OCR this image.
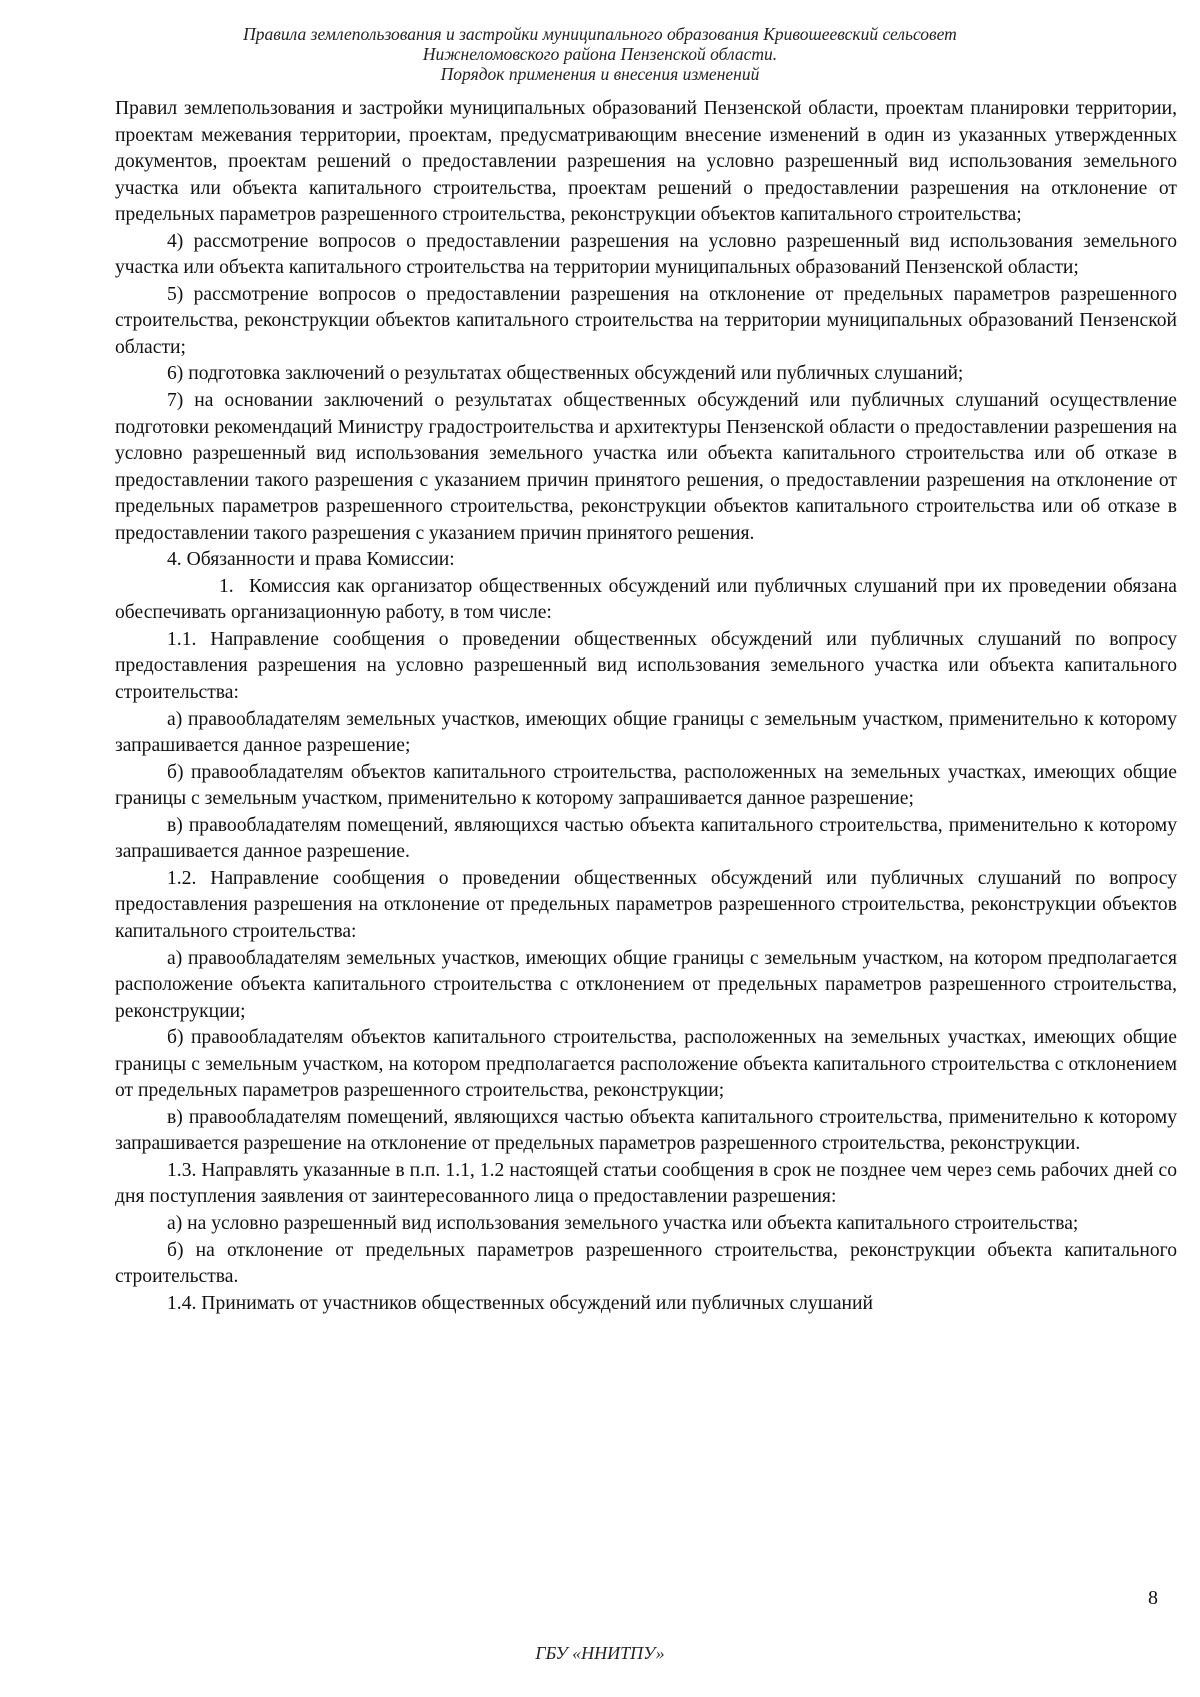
Правила землепользования и застройки муниципального образования Кривошеевский сельсовет
Нижнеломовского района Пензенской области.
Порядок применения и внесения изменений

Правил землепользования и застройки муниципальных образований Пензенской области, проектам планировки территории, проектам межевания территории, проектам, предусматривающим внесение изменений в один из указанных утвержденных документов, проектам решений о предоставлении разрешения на условно разрешенный вид использования земельного участка или объекта капитального строительства, проектам решений о предоставлении разрешения на отклонение от предельных параметров разрешенного строительства, реконструкции объектов капитального строительства;

4) рассмотрение вопросов о предоставлении разрешения на условно разрешенный вид использования земельного участка или объекта капитального строительства на территории муниципальных образований Пензенской области;

5) рассмотрение вопросов о предоставлении разрешения на отклонение от предельных параметров разрешенного строительства, реконструкции объектов капитального строительства на территории муниципальных образований Пензенской области;

6) подготовка заключений о результатах общественных обсуждений или публичных слушаний;

7) на основании заключений о результатах общественных обсуждений или публичных слушаний осуществление подготовки рекомендаций Министру градостроительства и архитектуры Пензенской области о предоставлении разрешения на условно разрешенный вид использования земельного участка или объекта капитального строительства или об отказе в предоставлении такого разрешения с указанием причин принятого решения, о предоставлении разрешения на отклонение от предельных параметров разрешенного строительства, реконструкции объектов капитального строительства или об отказе в предоставлении такого разрешения с указанием причин принятого решения.

4. Обязанности и права Комиссии:

1. Комиссия как организатор общественных обсуждений или публичных слушаний при их проведении обязана обеспечивать организационную работу, в том числе:

1.1. Направление сообщения о проведении общественных обсуждений или публичных слушаний по вопросу предоставления разрешения на условно разрешенный вид использования земельного участка или объекта капитального строительства:

а) правообладателям земельных участков, имеющих общие границы с земельным участком, применительно к которому запрашивается данное разрешение;

б) правообладателям объектов капитального строительства, расположенных на земельных участках, имеющих общие границы с земельным участком, применительно к которому запрашивается данное разрешение;

в) правообладателям помещений, являющихся частью объекта капитального строительства, применительно к которому запрашивается данное разрешение.

1.2. Направление сообщения о проведении общественных обсуждений или публичных слушаний по вопросу предоставления разрешения на отклонение от предельных параметров разрешенного строительства, реконструкции объектов капитального строительства:

а) правообладателям земельных участков, имеющих общие границы с земельным участком, на котором предполагается расположение объекта капитального строительства с отклонением от предельных параметров разрешенного строительства, реконструкции;

б) правообладателям объектов капитального строительства, расположенных на земельных участках, имеющих общие границы с земельным участком, на котором предполагается расположение объекта капитального строительства с отклонением от предельных параметров разрешенного строительства, реконструкции;

в) правообладателям помещений, являющихся частью объекта капитального строительства, применительно к которому запрашивается разрешение на отклонение от предельных параметров разрешенного строительства, реконструкции.

1.3. Направлять указанные в п.п. 1.1, 1.2 настоящей статьи сообщения в срок не позднее чем через семь рабочих дней со дня поступления заявления от заинтересованного лица о предоставлении разрешения:

а) на условно разрешенный вид использования земельного участка или объекта капитального строительства;

б) на отклонение от предельных параметров разрешенного строительства, реконструкции объекта капитального строительства.

1.4. Принимать от участников общественных обсуждений или публичных слушаний

8
ГБУ «ННИТПУ»
